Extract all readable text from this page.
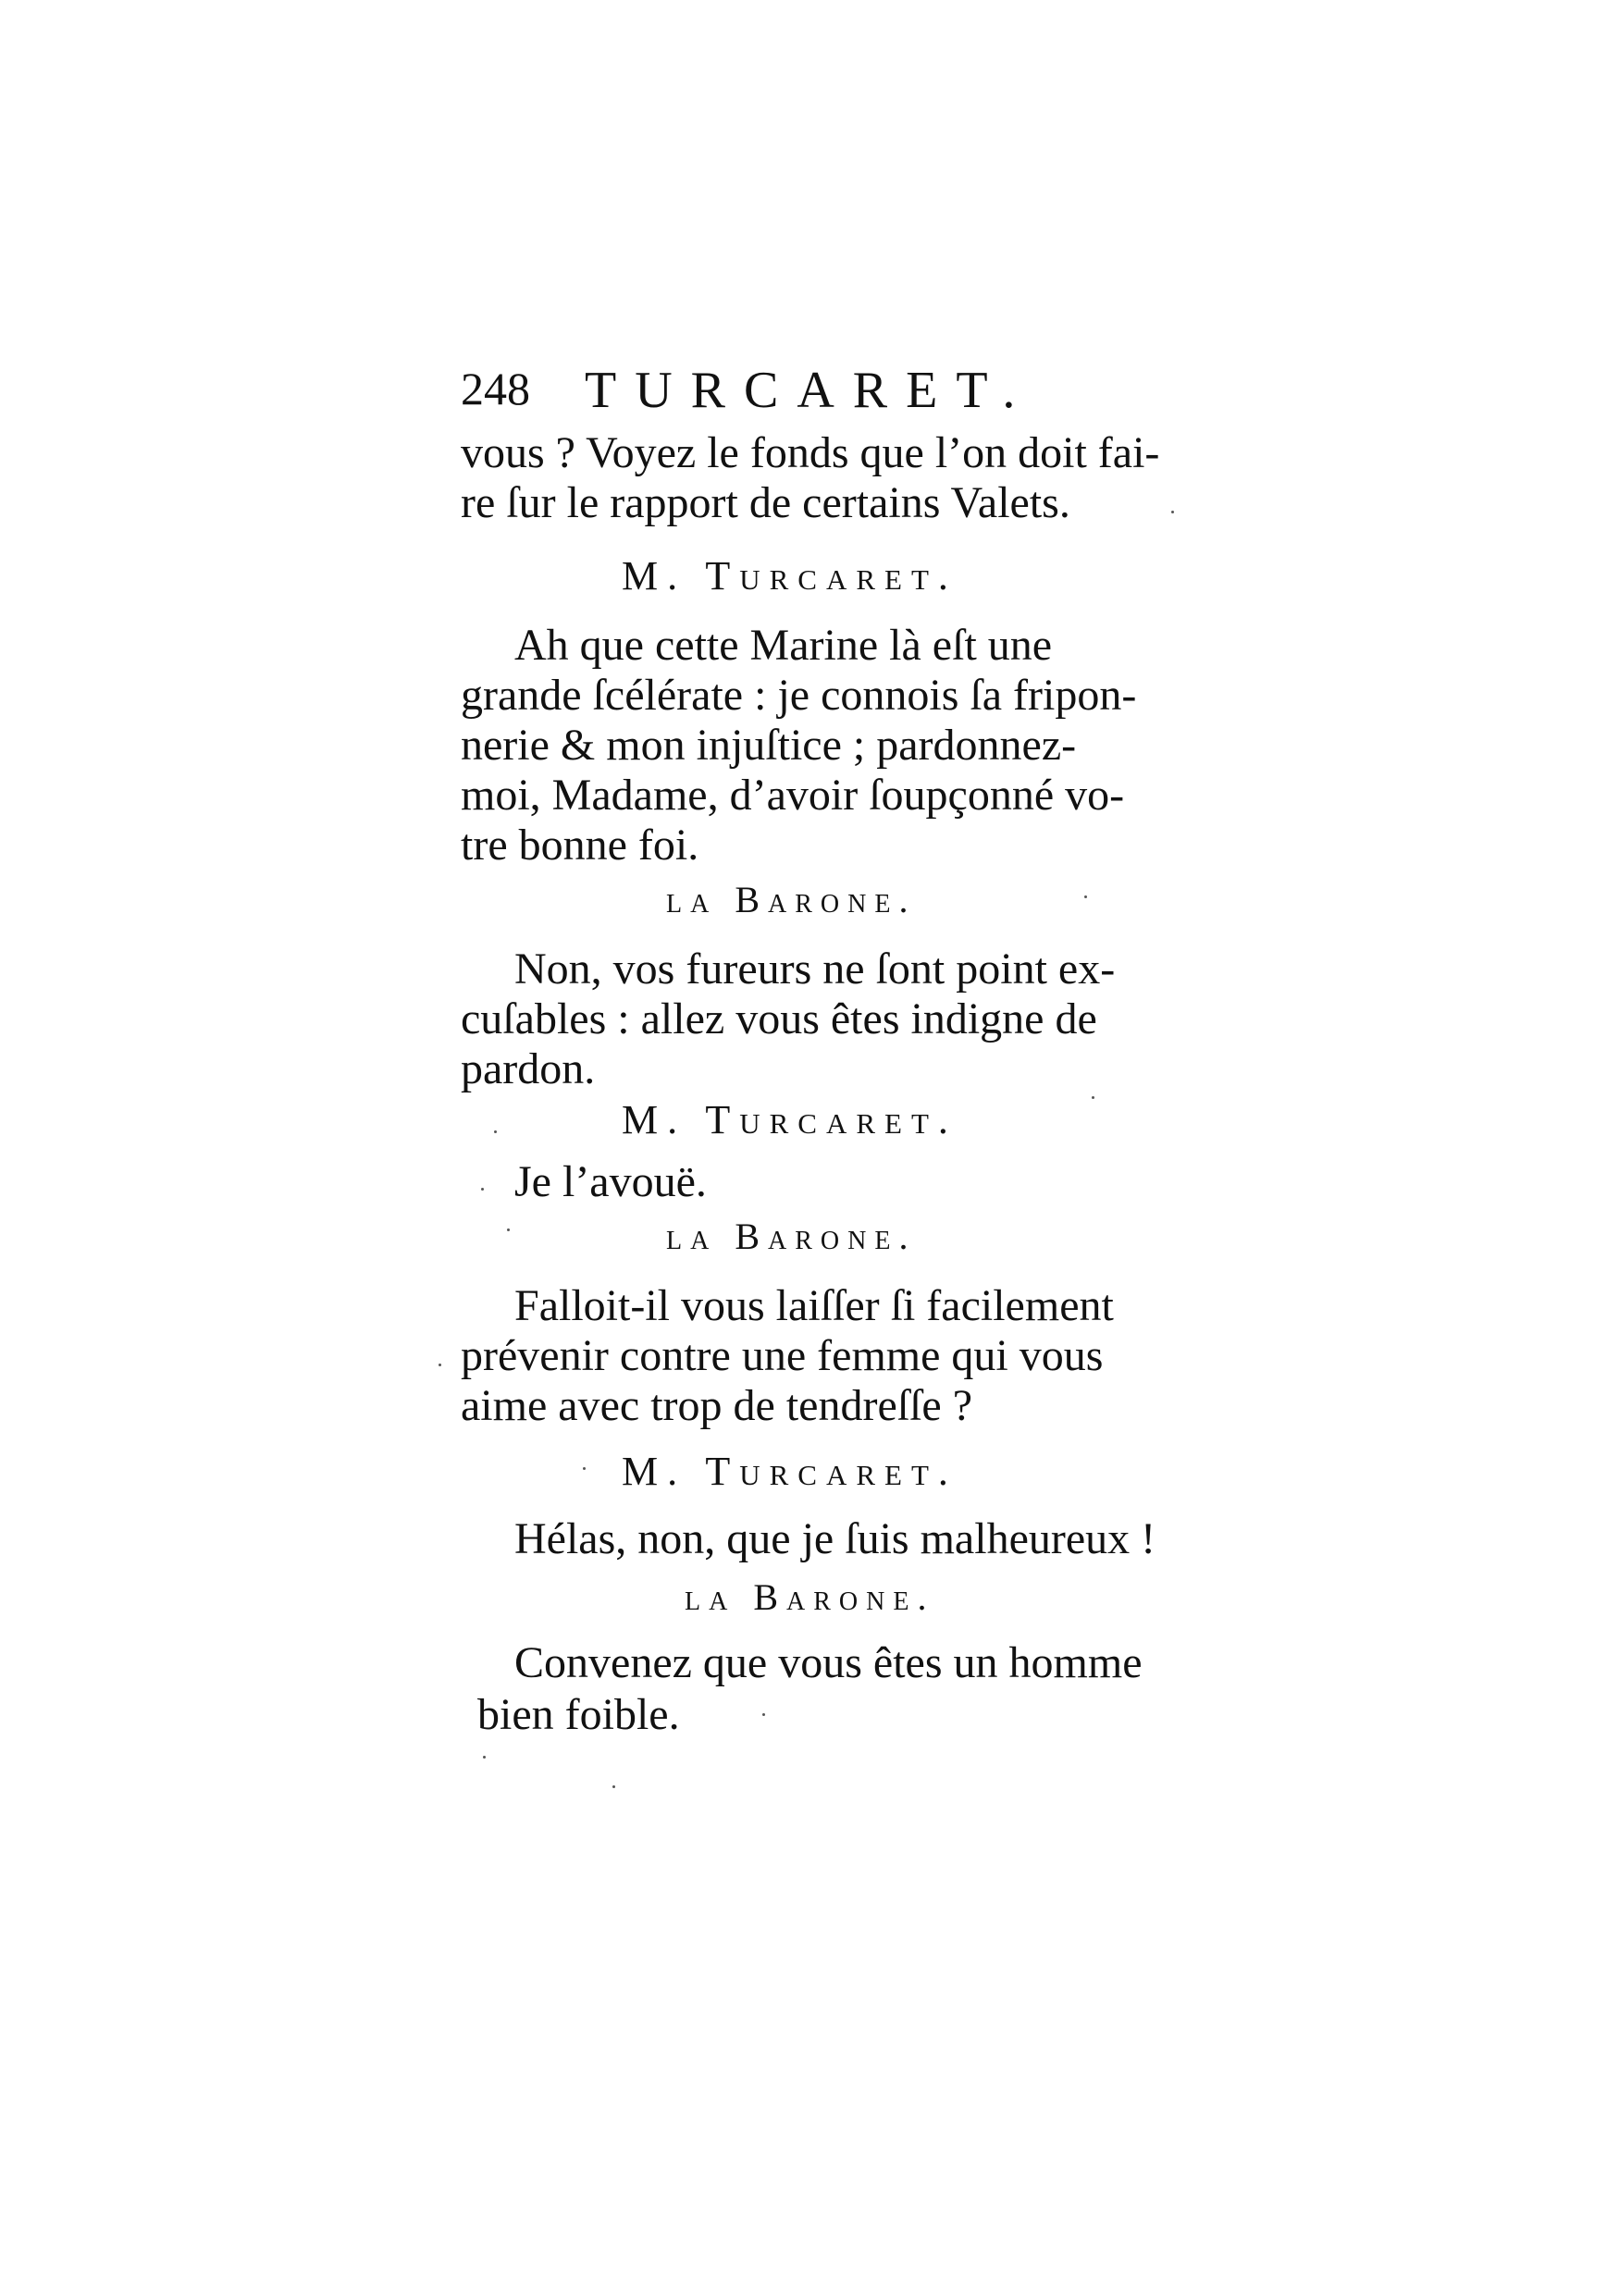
248 TURCARET.
vous ? Voyez le fonds que l’on doit fai-
re ſur le rapport de certains Valets.
M. Turcaret.
Ah que cette Marine là eſt une
grande ſcélérate : je connois ſa fripon-
nerie & mon injuſtice ; pardonnez-
moi, Madame, d’avoir ſoupçonné vo-
tre bonne foi.
la Barone.
Non, vos fureurs ne ſont point ex-
cuſables : allez vous êtes indigne de
pardon.
M. Turcaret.
Je l’avouë.
la Barone.
Falloit-il vous laiſſer ſi facilement
prévenir contre une femme qui vous
aime avec trop de tendreſſe ?
M. Turcaret.
Hélas, non, que je ſuis malheureux !
la Barone.
Convenez que vous êtes un homme
bien foible.
